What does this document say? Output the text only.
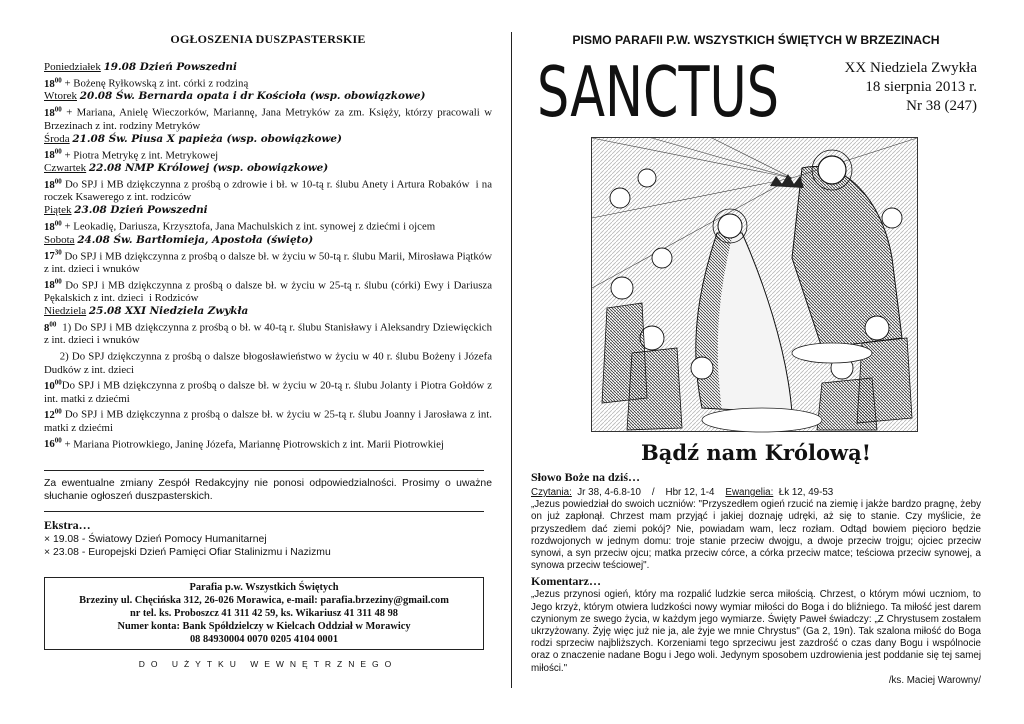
OGŁOSZENIA DUSZPASTERSKIE
Poniedziałek 19.08 Dzień Powszedni
$18^{00}$ + Bożenę Ryłkowską z int. córki z rodziną
Wtorek 20.08 Św. Bernarda opata i dr Kościoła (wsp. obowiązkowe)
$18^{00}$ + Mariana, Anielę Wieczorków, Mariannę, Jana Metryków za zm. Księży, którzy pracowali w Brzezinach z int. rodziny Metryków
Środa 21.08 Św. Piusa X papieża (wsp. obowiązkowe)
$18^{00}$ + Piotra Metrykę z int. Metrykowej
Czwartek 22.08 NMP Królowej (wsp. obowiązkowe)
$18^{00}$ Do SPJ i MB dziękczynna z prośbą o zdrowie i bł. w 10-tą r. ślubu Anety i Artura Robaków  i na roczek Ksawerego z int. rodziców
Piątek 23.08 Dzień Powszedni
$18^{00}$ + Leokadię, Dariusza, Krzysztofa, Jana Machulskich z int. synowej z dziećmi i ojcem
Sobota 24.08 Św. Bartłomieja, Apostoła (święto)
$17^{30}$ Do SPJ i MB dziękczynna z prośbą o dalsze bł. w życiu w 50-tą r. ślubu Marii, Mirosława Piątków z int. dzieci i wnuków
$18^{00}$ Do SPJ i MB dziękczynna z prośbą o dalsze bł. w życiu w 25-tą r. ślubu (córki) Ewy i Dariusza Pękalskich z int. dzieci  i Rodziców
Niedziela 25.08 XXI Niedziela Zwykła
$8^{00}$  1) Do SPJ i MB dziękczynna z prośbą o bł. w 40-tą r. ślubu Stanisławy i Aleksandry Dziewięckich z int. dzieci i wnuków
2) Do SPJ dziękczynna z prośbą o dalsze błogosławieństwo w życiu w 40 r. ślubu Bożeny i Józefa Dudków z int. dzieci
$10^{00}Do$ SPJ i MB dziękczynna z prośbą o dalsze bł. w życiu w 20-tą r. ślubu Jolanty i Piotra Gołdów z int. matki z dziećmi
$12^{00}$ Do SPJ i MB dziękczynna z prośbą o dalsze bł. w życiu w 25-tą r. ślubu Joanny i Jarosława z int. matki z dziećmi
$16^{00}$ + Mariana Piotrowkiego, Janinę Józefa, Mariannę Piotrowskich z int. Marii Piotrowkiej
Za ewentualne zmiany Zespół Redakcyjny nie ponosi odpowiedzialności. Prosimy o uważne słuchanie ogłoszeń duszpasterskich.
Ekstra…
× 19.08 - Światowy Dzień Pomocy Humanitarnej
× 23.08 - Europejski Dzień Pamięci Ofiar Stalinizmu i Nazizmu
Parafia p.w. Wszystkich Świętych
Brzeziny ul. Chęcińska 312, 26-026 Morawica, e-mail: parafia.brzeziny@gmail.com
nr tel. ks. Proboszcz 41 311 42 59, ks. Wikariusz 41 311 48 98
Numer konta: Bank Spółdzielczy w Kielcach Oddział w Morawicy
08 84930004 0070 0205 4104 0001
DO UŻYTKU WEWNĘTRZNEGO
PISMO PARAFII P.W. WSZYSTKICH ŚWIĘTYCH W BRZEZINACH
SANCTUS	XX Niedziela Zwykła
18 sierpnia 2013 r.
Nr 38 (247)
Bądź nam Królową!
Słowo Boże na dziś…
Czytania:  Jr 38, 4-6.8-10    /    Hbr 12, 1-4    Ewangelia:  Łk 12, 49-53
„Jezus powiedział do swoich uczniów: "Przyszedłem ogień rzucić na ziemię i jakże bardzo pragnę, żeby on już zapłonął. Chrzest mam przyjąć i jakiej doznaję udręki, aż się to stanie. Czy myślicie, że przyszedłem dać ziemi pokój? Nie, powiadam wam, lecz rozłam. Odtąd bowiem pięcioro będzie rozdwojonych w jednym domu: troje stanie przeciw dwojgu, a dwoje przeciw trojgu; ojciec przeciw synowi, a syn przeciw ojcu; matka przeciw córce, a córka przeciw matce; teściowa przeciw synowej, a synowa przeciw teściowej".
Komentarz…
„Jezus przynosi ogień, który ma rozpalić ludzkie serca miłością. Chrzest, o którym mówi uczniom, to Jego krzyż, którym otwiera ludzkości nowy wymiar miłości do Boga i do bliźniego. Ta miłość jest darem czynionym ze swego życia, w każdym jego wymiarze. Święty Paweł świadczy: „Z Chrystusem zostałem ukrzyżowany. Żyję więc już nie ja, ale żyje we mnie Chrystus" (Ga 2, 19n). Tak szalona miłość do Boga rodzi sprzeciw najbliższych. Korzeniami tego sprzeciwu jest zazdrość o czas dany Bogu i wspólnocie oraz o znaczenie nadane Bogu i Jego woli. Jedynym sposobem uzdrowienia jest poddanie się tej samej miłości."
/ks. Maciej Warowny/
